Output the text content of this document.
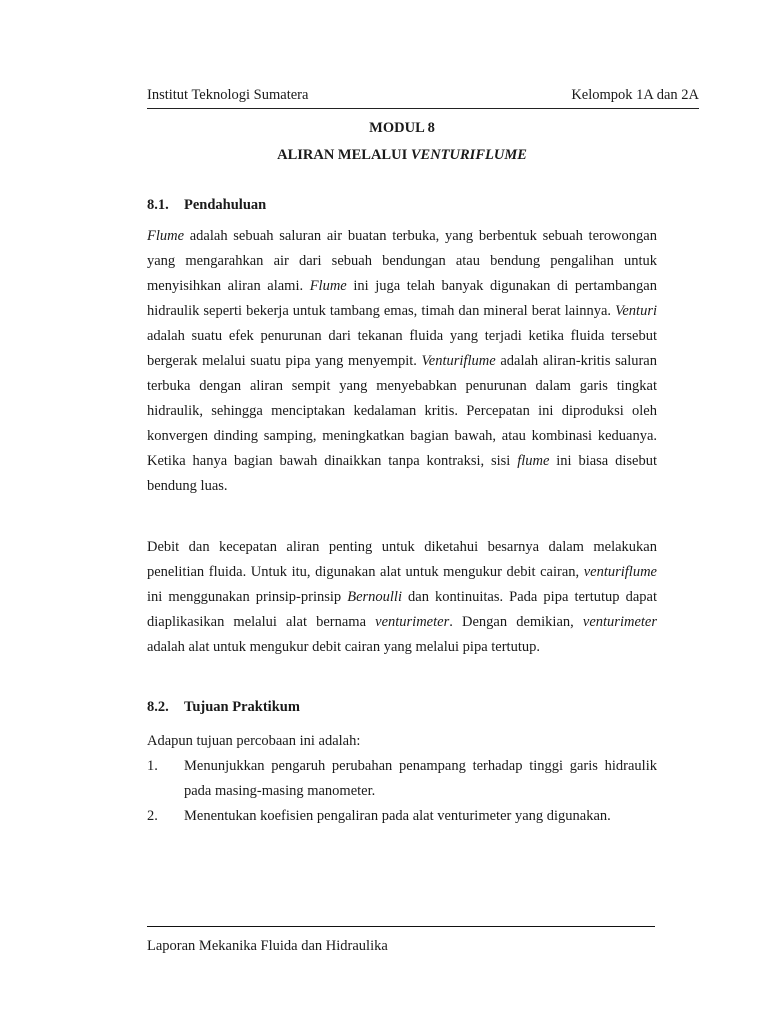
Institut Teknologi Sumatera	Kelompok 1A dan 2A
MODUL 8
ALIRAN MELALUI VENTURIFLUME
8.1. Pendahuluan
Flume adalah sebuah saluran air buatan terbuka, yang berbentuk sebuah terowongan yang mengarahkan air dari sebuah bendungan atau bendung pengalihan untuk menyisihkan aliran alami. Flume ini juga telah banyak digunakan di pertambangan hidraulik seperti bekerja untuk tambang emas, timah dan mineral berat lainnya. Venturi adalah suatu efek penurunan dari tekanan fluida yang terjadi ketika fluida tersebut bergerak melalui suatu pipa yang menyempit. Venturiflume adalah aliran-kritis saluran terbuka dengan aliran sempit yang menyebabkan penurunan dalam garis tingkat hidraulik, sehingga menciptakan kedalaman kritis. Percepatan ini diproduksi oleh konvergen dinding samping, meningkatkan bagian bawah, atau kombinasi keduanya. Ketika hanya bagian bawah dinaikkan tanpa kontraksi, sisi flume ini biasa disebut bendung luas.
Debit dan kecepatan aliran penting untuk diketahui besarnya dalam melakukan penelitian fluida. Untuk itu, digunakan alat untuk mengukur debit cairan, venturiflume ini menggunakan prinsip-prinsip Bernoulli dan kontinuitas. Pada pipa tertutup dapat diaplikasikan melalui alat bernama venturimeter. Dengan demikian, venturimeter adalah alat untuk mengukur debit cairan yang melalui pipa tertutup.
8.2. Tujuan Praktikum
Adapun tujuan percobaan ini adalah:
1.	Menunjukkan pengaruh perubahan penampang terhadap tinggi garis hidraulik pada masing-masing manometer.
2.	Menentukan koefisien pengaliran pada alat venturimeter yang digunakan.
Laporan Mekanika Fluida dan Hidraulika
